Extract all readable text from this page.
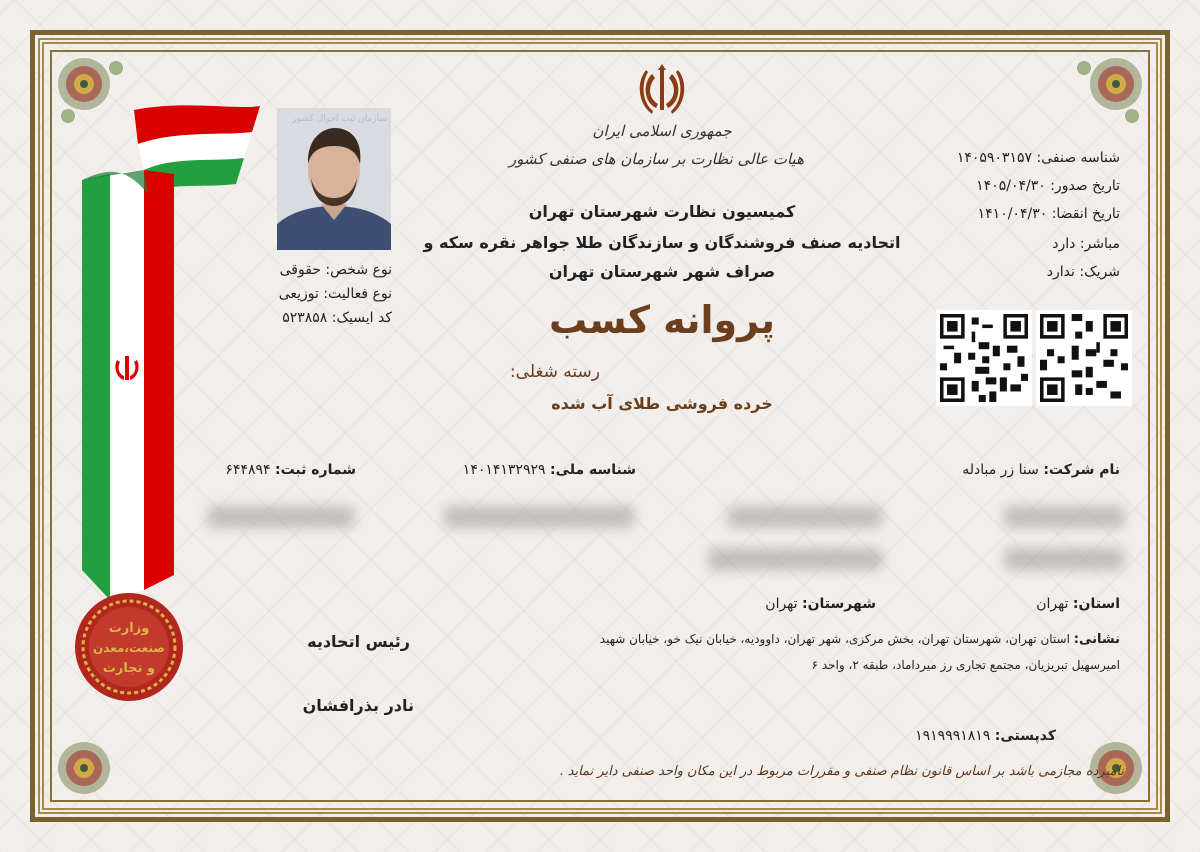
وزارت
صنعت،معدن
و تجارت
جمهوری اسلامی ایران
هیات عالی نظارت بر سازمان های صنفی کشور
کمیسیون نظارت شهرستان تهران
اتحادیه صنف فروشندگان و سازندگان طلا جواهر نقره سکه و
صراف شهر شهرستان تهران
پروانه کسب
رسته شغلی:
خرده فروشی طلای آب شده
شناسه صنفی: ۱۴۰۵۹۰۳۱۵۷
تاریخ صدور: ۱۴۰۵/۰۴/۳۰
تاریخ انقضا: ۱۴۱۰/۰۴/۳۰
مباشر: دارد
شریک: ندارد
سازمان ثبت احوال کشور
نوع شخص: حقوقی
نوع فعالیت: توزیعی
کد ایسیک: ۵۲۳۸۵۸
نام شرکت: سنا زر مبادله
شناسه ملی: ۱۴۰۱۴۱۳۲۹۲۹
شماره ثبت: ۶۴۴۸۹۴
استان: تهران
شهرستان: تهران
نشانی: استان تهران، شهرستان تهران، بخش مرکزی، شهر تهران، داوودیه، خیابان نیک خو، خیابان شهید
امیرسهیل تبریزیان، مجتمع تجاری رز میرداماد، طبقه ۲، واحد ۶
کدپستی: ۱۹۱۹۹۹۱۸۱۹
رئیس اتحادیه
نادر بذرافشان
نامبرده مجازمی باشد بر اساس قانون نظام صنفی و مقررات مربوط در این مکان واحد صنفی دایر نماید .
